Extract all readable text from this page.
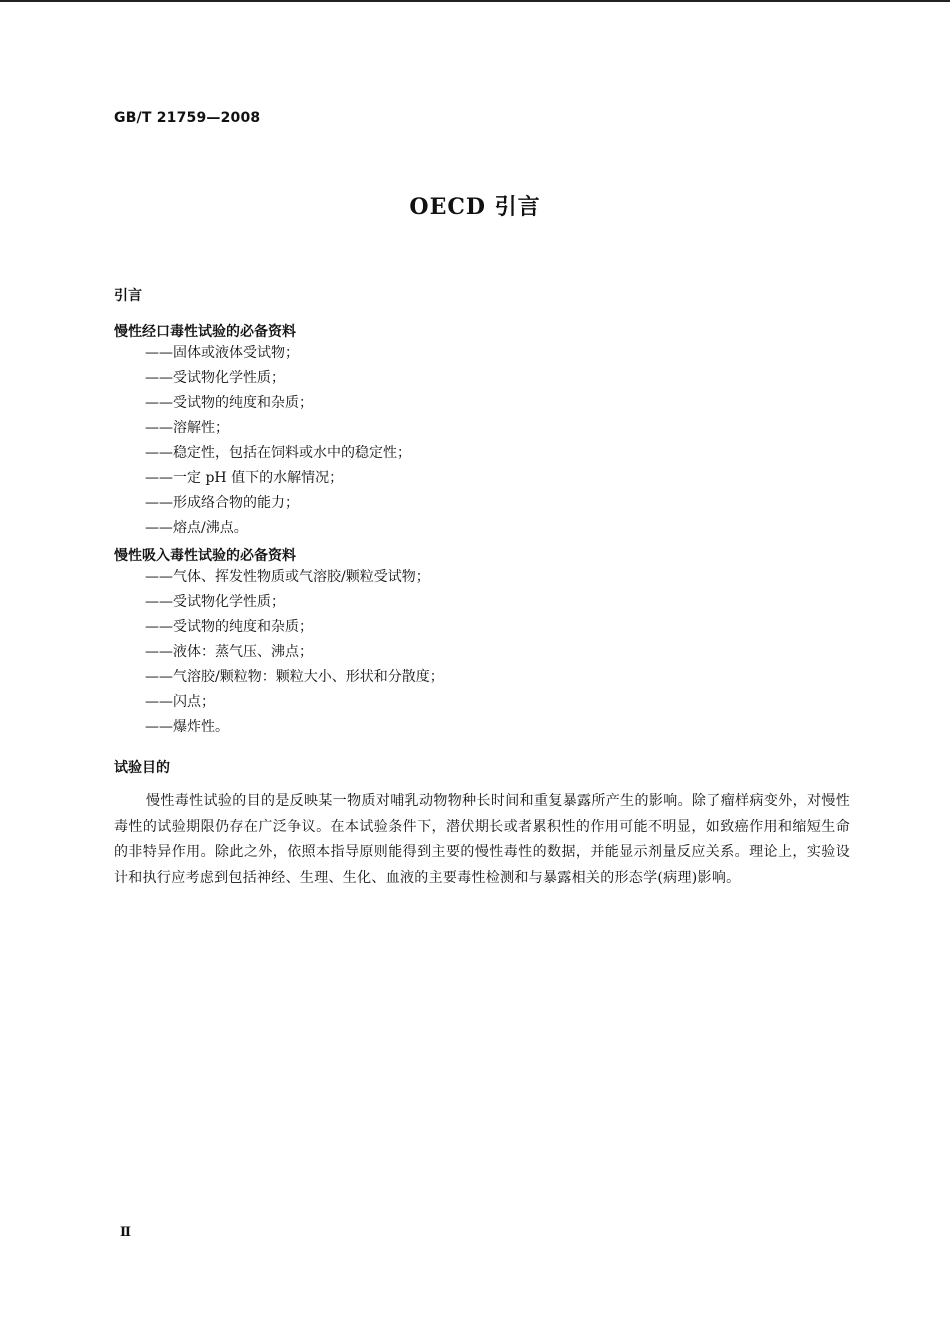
GB/T 21759—2008
OECD 引言
引言
慢性经口毒性试验的必备资料
——固体或液体受试物；
——受试物化学性质；
——受试物的纯度和杂质；
——溶解性；
——稳定性，包括在饲料或水中的稳定性；
——一定 pH 值下的水解情况；
——形成络合物的能力；
——熔点/沸点。
慢性吸入毒性试验的必备资料
——气体、挥发性物质或气溶胶/颗粒受试物；
——受试物化学性质；
——受试物的纯度和杂质；
——液体：蒸气压、沸点；
——气溶胶/颗粒物：颗粒大小、形状和分散度；
——闪点；
——爆炸性。
试验目的

慢性毒性试验的目的是反映某一物质对哺乳动物物种长时间和重复暴露所产生的影响。除了瘤样病变外，对慢性毒性的试验期限仍存在广泛争议。在本试验条件下，潜伏期长或者累积性的作用可能不明显，如致癌作用和缩短生命的非特异作用。除此之外，依照本指导原则能得到主要的慢性毒性的数据，并能显示剂量反应关系。理论上，实验设计和执行应考虑到包括神经、生理、生化、血液的主要毒性检测和与暴露相关的形态学(病理)影响。

Ⅱ
